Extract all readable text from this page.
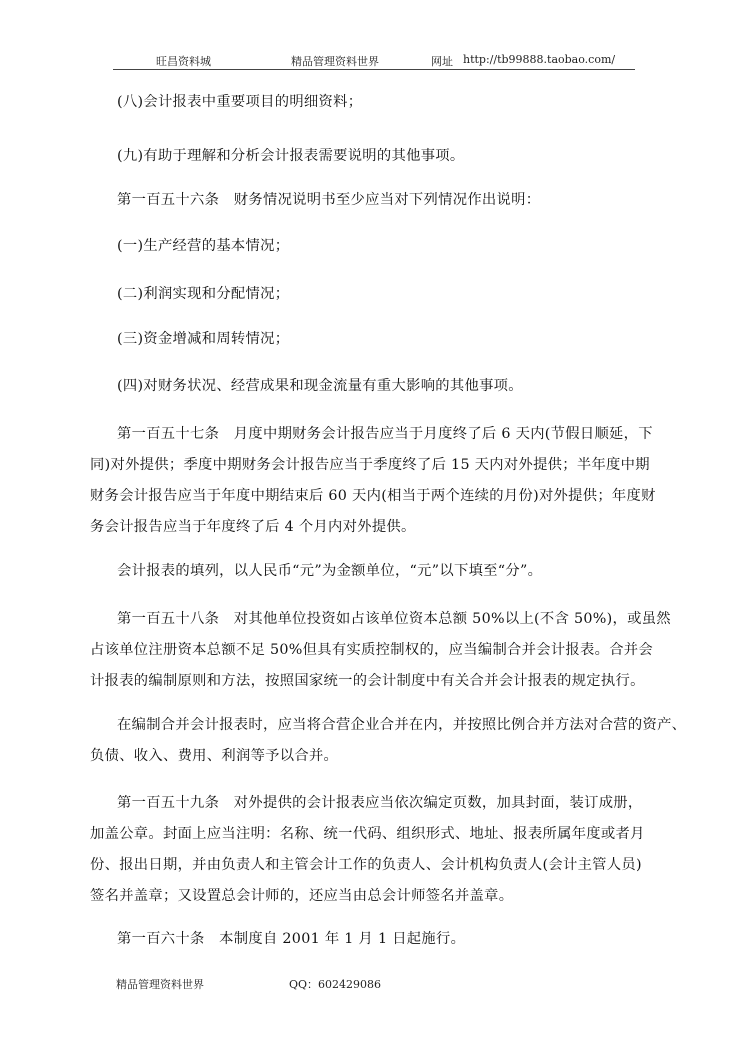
旺昌资料城	精品管理资料世界	网址 http://tb99888.taobao.com/
(八)会计报表中重要项目的明细资料；
(九)有助于理解和分析会计报表需要说明的其他事项。
第一百五十六条　财务情况说明书至少应当对下列情况作出说明：
(一)生产经营的基本情况；
(二)利润实现和分配情况；
(三)资金增减和周转情况；
(四)对财务状况、经营成果和现金流量有重大影响的其他事项。
第一百五十七条　月度中期财务会计报告应当于月度终了后 6 天内(节假日顺延，下
同)对外提供；季度中期财务会计报告应当于季度终了后 15 天内对外提供；半年度中期
财务会计报告应当于年度中期结束后 60 天内(相当于两个连续的月份)对外提供；年度财
务会计报告应当于年度终了后 4 个月内对外提供。
会计报表的填列，以人民币“元”为金额单位，“元”以下填至“分”。
第一百五十八条　对其他单位投资如占该单位资本总额 50%以上(不含 50%)，或虽然
占该单位注册资本总额不足 50%但具有实质控制权的，应当编制合并会计报表。合并会
计报表的编制原则和方法，按照国家统一的会计制度中有关合并会计报表的规定执行。
在编制合并会计报表时，应当将合营企业合并在内，并按照比例合并方法对合营的资产、
负债、收入、费用、利润等予以合并。
第一百五十九条　对外提供的会计报表应当依次编定页数，加具封面，装订成册，
加盖公章。封面上应当注明：名称、统一代码、组织形式、地址、报表所属年度或者月
份、报出日期，并由负责人和主管会计工作的负责人、会计机构负责人(会计主管人员)
签名并盖章；又设置总会计师的，还应当由总会计师签名并盖章。
第一百六十条　本制度自 2001 年 1 月 1 日起施行。
精品管理资料世界	QQ：602429086
